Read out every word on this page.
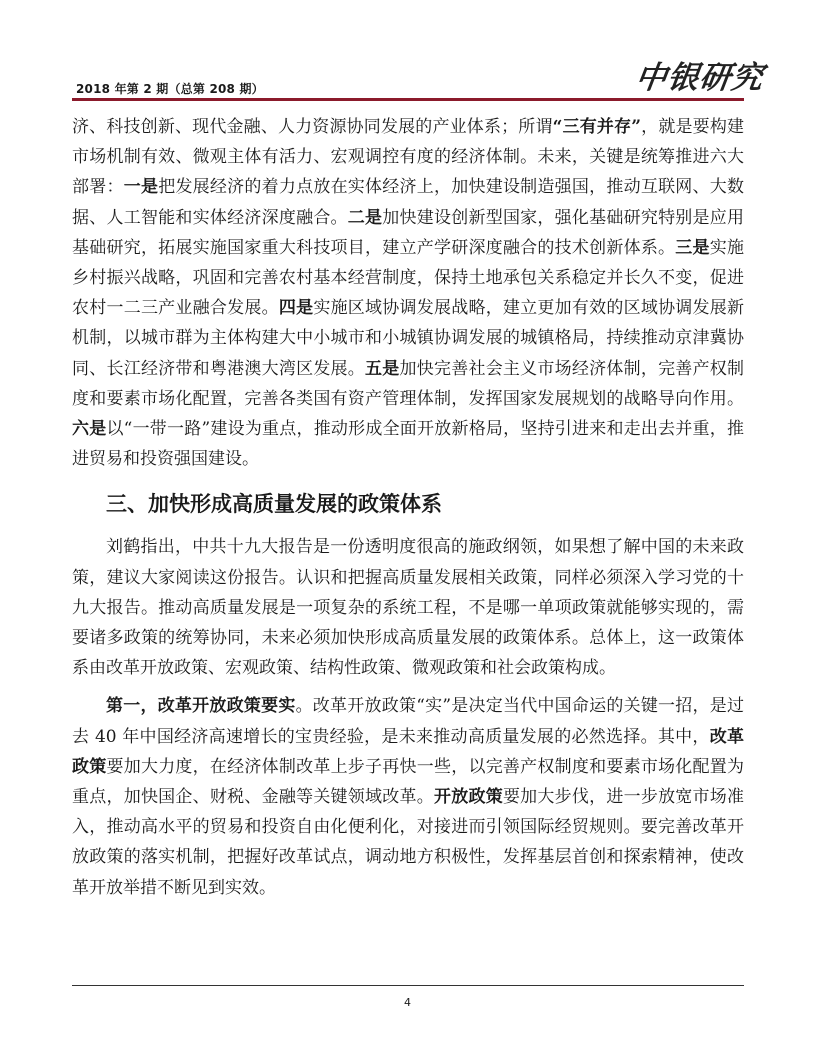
2018 年第 2 期（总第 208 期）	中银研究

济、科技创新、现代金融、人力资源协同发展的产业体系；所谓“三有并存”，就是要构建市场机制有效、微观主体有活力、宏观调控有度的经济体制。未来，关键是统筹推进六大部署：一是把发展经济的着力点放在实体经济上，加快建设制造强国，推动互联网、大数据、人工智能和实体经济深度融合。二是加快建设创新型国家，强化基础研究特别是应用基础研究，拓展实施国家重大科技项目，建立产学研深度融合的技术创新体系。三是实施乡村振兴战略，巩固和完善农村基本经营制度，保持土地承包关系稳定并长久不变，促进农村一二三产业融合发展。四是实施区域协调发展战略，建立更加有效的区域协调发展新机制，以城市群为主体构建大中小城市和小城镇协调发展的城镇格局，持续推动京津冀协同、长江经济带和粤港澳大湾区发展。五是加快完善社会主义市场经济体制，完善产权制度和要素市场化配置，完善各类国有资产管理体制，发挥国家发展规划的战略导向作用。六是以“一带一路”建设为重点，推动形成全面开放新格局，坚持引进来和走出去并重，推进贸易和投资强国建设。

三、加快形成高质量发展的政策体系

刘鹤指出，中共十九大报告是一份透明度很高的施政纲领，如果想了解中国的未来政策，建议大家阅读这份报告。认识和把握高质量发展相关政策，同样必须深入学习党的十九大报告。推动高质量发展是一项复杂的系统工程，不是哪一单项政策就能够实现的，需要诸多政策的统筹协同，未来必须加快形成高质量发展的政策体系。总体上，这一政策体系由改革开放政策、宏观政策、结构性政策、微观政策和社会政策构成。

第一，改革开放政策要实。改革开放政策“实”是决定当代中国命运的关键一招，是过去 40 年中国经济高速增长的宝贵经验，是未来推动高质量发展的必然选择。其中，改革政策要加大力度，在经济体制改革上步子再快一些，以完善产权制度和要素市场化配置为重点，加快国企、财税、金融等关键领域改革。开放政策要加大步伐，进一步放宽市场准入，推动高水平的贸易和投资自由化便利化，对接进而引领国际经贸规则。要完善改革开放政策的落实机制，把握好改革试点，调动地方积极性，发挥基层首创和探索精神，使改革开放举措不断见到实效。

4
